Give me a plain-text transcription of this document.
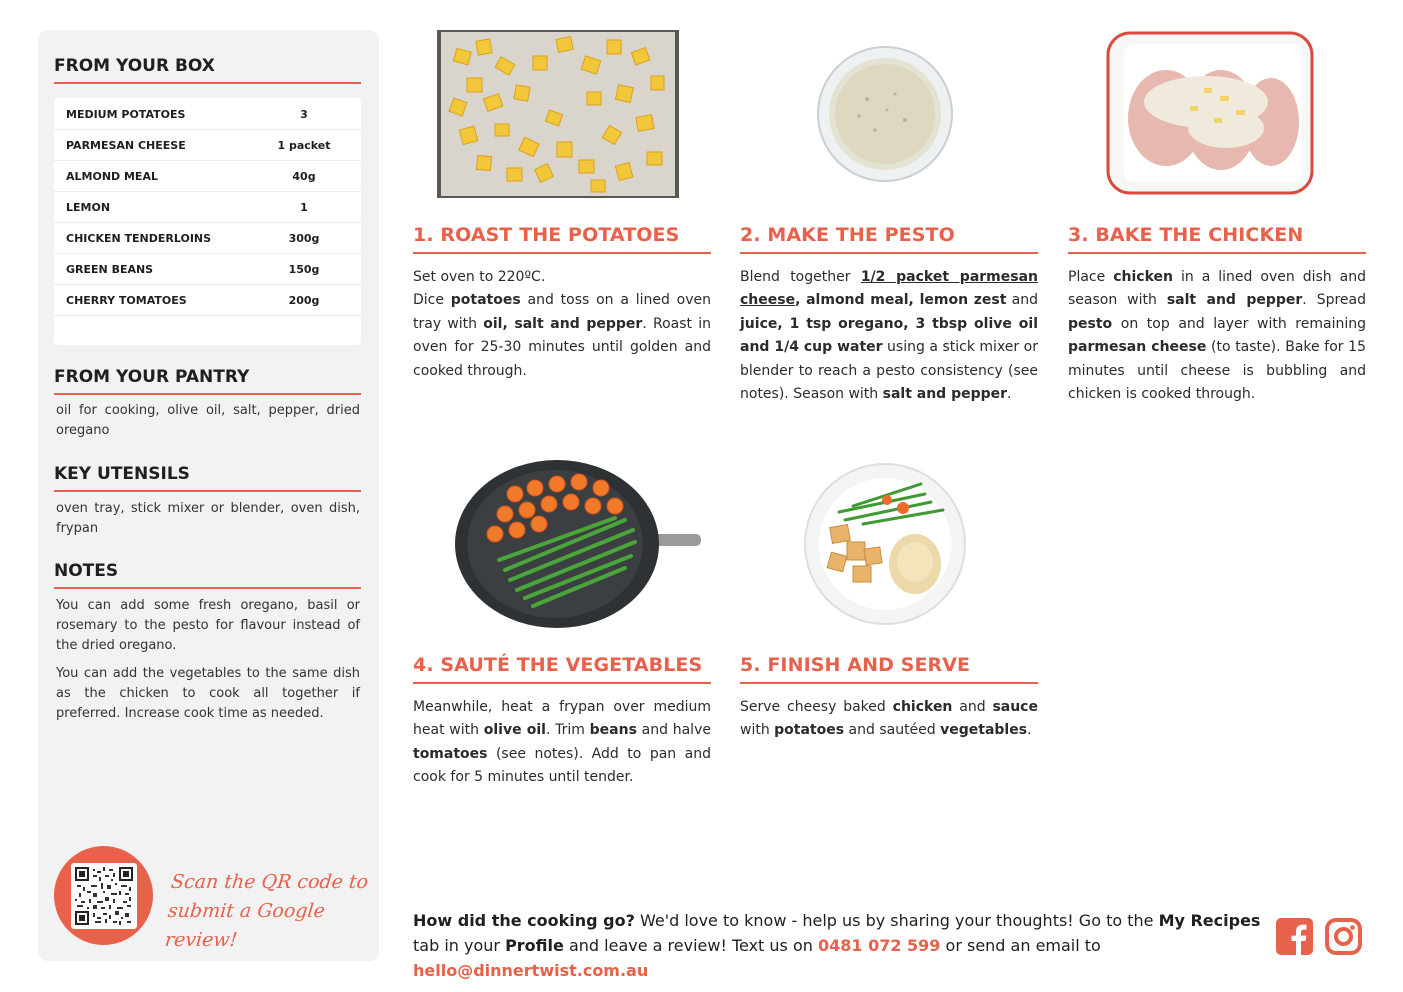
FROM YOUR BOX
MEDIUM POTATOES	3
PARMESAN CHEESE	1 packet
ALMOND MEAL	40g
LEMON	1
CHICKEN TENDERLOINS	300g
GREEN BEANS	150g
CHERRY TOMATOES	200g
FROM YOUR PANTRY
oil for cooking, olive oil, salt, pepper, dried oregano
KEY UTENSILS
oven tray, stick mixer or blender, oven dish, frypan
NOTES
You can add some fresh oregano, basil or rosemary to the pesto for flavour instead of the dried oregano.
You can add the vegetables to the same dish as the chicken to cook all together if preferred. Increase cook time as needed.
Scan the QR code to
submit a Google review!
1. ROAST THE POTATOES
Set oven to 220ºC.
Dice potatoes and toss on a lined oven tray with oil, salt and pepper. Roast in oven for 25-30 minutes until golden and cooked through.
2. MAKE THE PESTO
Blend together 1/2 packet parmesan cheese, almond meal, lemon zest and juice, 1 tsp oregano, 3 tbsp olive oil and 1/4 cup water using a stick mixer or blender to reach a pesto consistency (see notes). Season with salt and pepper.
3. BAKE THE CHICKEN
Place chicken in a lined oven dish and season with salt and pepper. Spread pesto on top and layer with remaining parmesan cheese (to taste). Bake for 15 minutes until cheese is bubbling and chicken is cooked through.
4. SAUTÉ THE VEGETABLES
Meanwhile, heat a frypan over medium heat with olive oil. Trim beans and halve tomatoes (see notes). Add to pan and cook for 5 minutes until tender.
5. FINISH AND SERVE
Serve cheesy baked chicken and sauce with potatoes and sautéed vegetables.
How did the cooking go? We'd love to know - help us by sharing your thoughts! Go to the My Recipes tab in your Profile and leave a review! Text us on 0481 072 599 or send an email to hello@dinnertwist.com.au
